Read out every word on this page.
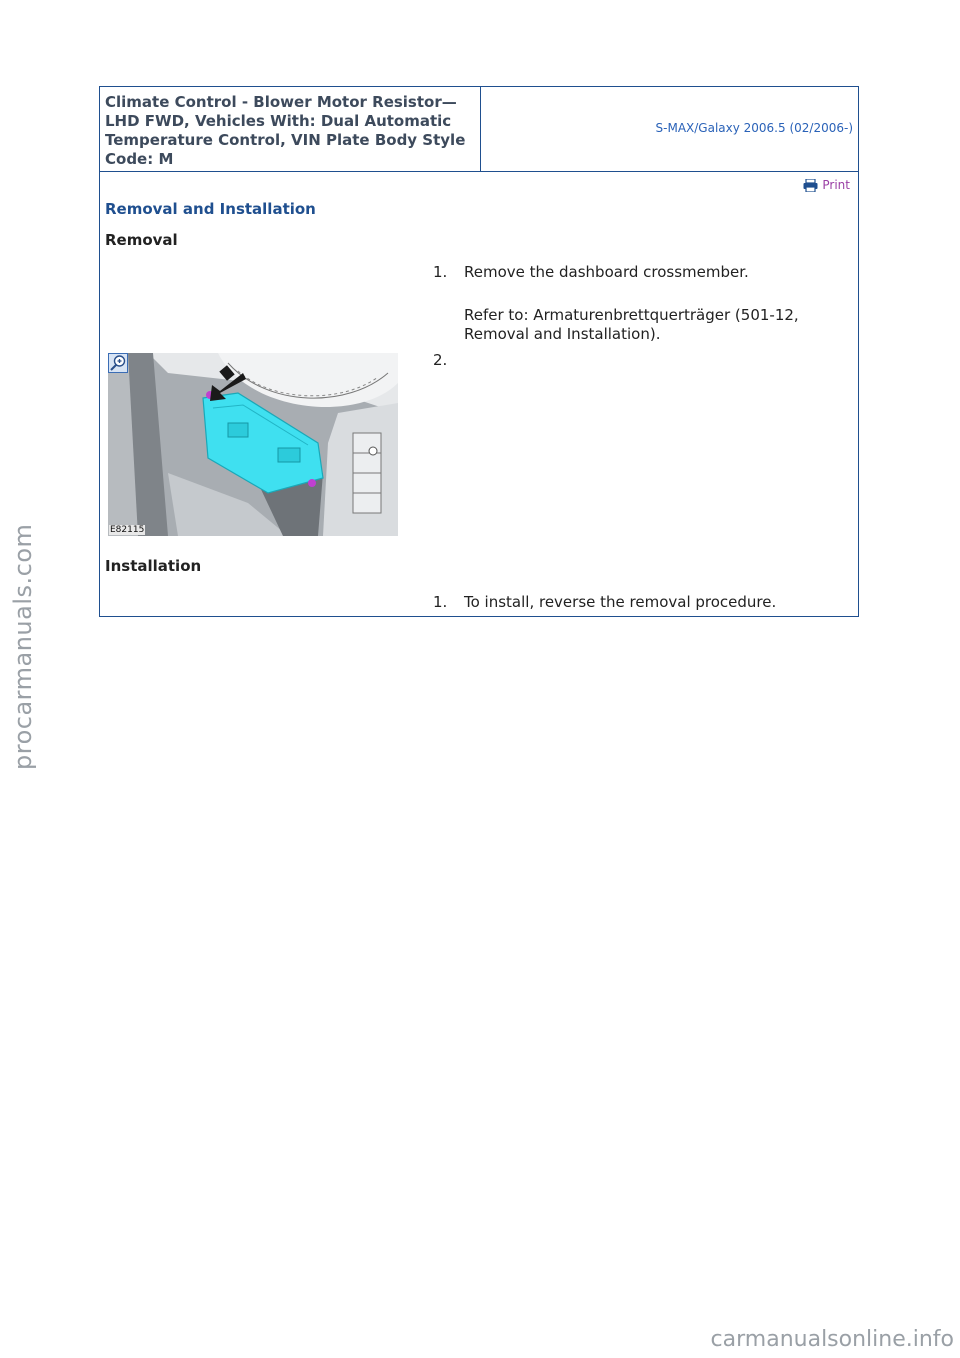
Climate Control - Blower Motor Resistor—LHD FWD, Vehicles With: Dual Automatic Temperature Control, VIN Plate Body Style Code: M
S-MAX/Galaxy 2006.5 (02/2006-)
Print
Removal and Installation
Removal
1. Remove the dashboard crossmember.
Refer to: Armaturenbrettquerträger (501-12, Removal and Installation).
2.
E82115
Installation
1. To install, reverse the removal procedure.
procarmanuals.com
carmanualsonline.info
